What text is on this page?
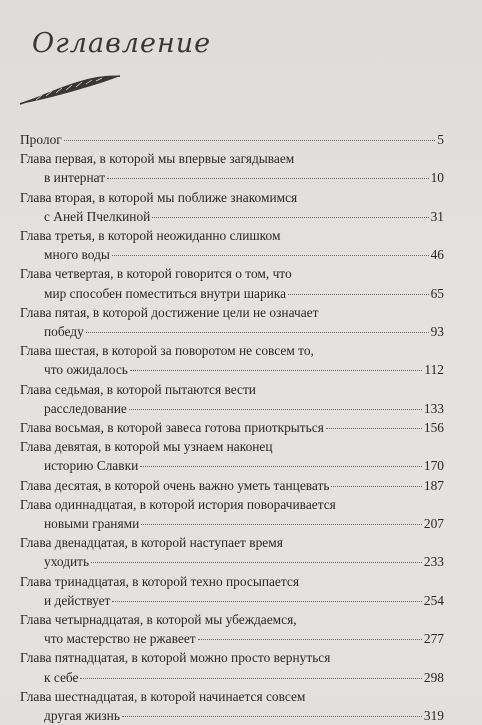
Оглавление
Пролог	5
Глава первая, в которой мы впервые загядываем
в интернат	10
Глава вторая, в которой мы поближе знакомимся
с Аней Пчелкиной	31
Глава третья, в которой неожиданно слишком
много воды	46
Глава четвертая, в которой говорится о том, что
мир способен поместиться внутри шарика	65
Глава пятая, в которой достижение цели не означает
победу	93
Глава шестая, в которой за поворотом не совсем то,
что ожидалось	112
Глава седьмая, в которой пытаются вести
расследование	133
Глава восьмая, в которой завеса готова приоткрыться	156
Глава девятая, в которой мы узнаем наконец
историю Славки	170
Глава десятая, в которой очень важно уметь танцевать	187
Глава одиннадцатая, в которой история поворачивается
новыми гранями	207
Глава двенадцатая, в которой наступает время
уходить	233
Глава тринадцатая, в которой техно просыпается
и действует	254
Глава четырнадцатая, в которой мы убеждаемся,
что мастерство не ржавеет	277
Глава пятнадцатая, в которой можно просто вернуться
к себе	298
Глава шестнадцатая, в которой начинается совсем
другая жизнь	319
